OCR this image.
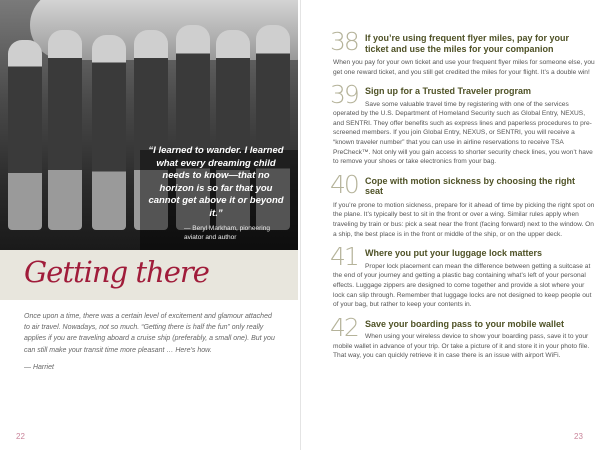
“I learned to wander. I learned what every dreaming child needs to know—that no horizon is so far that you cannot get above it or beyond it.”
— Beryl Markham, pioneering aviator and author
Getting there
Once upon a time, there was a certain level of excitement and glamour attached to air travel. Nowadays, not so much. “Getting there is half the fun” only really applies if you are traveling aboard a cruise ship (preferably, a small one). But you can still make your transit time more pleasant … Here’s how.
— Harriet
22
38 If you’re using frequent flyer miles, pay for your ticket and use the miles for your companion
When you pay for your own ticket and use your frequent flyer miles for someone else, you get one reward ticket, and you still get credited the miles for your flight. It’s a double win!
39 Sign up for a Trusted Traveler program
Save some valuable travel time by registering with one of the services operated by the U.S. Department of Homeland Security such as Global Entry, NEXUS, and SENTRI. They offer benefits such as express lines and paperless procedures to pre-screened members. If you join Global Entry, NEXUS, or SENTRI, you will receive a “known traveler number” that you can use in airline reservations to receive TSA PreCheck™. Not only will you gain access to shorter security check lines, you won’t have to remove your shoes or take electronics from your bag.
40 Cope with motion sickness by choosing the right seat
If you’re prone to motion sickness, prepare for it ahead of time by picking the right spot on the plane. It’s typically best to sit in the front or over a wing. Similar rules apply when traveling by train or bus: pick a seat near the front (facing forward) next to the window. On a ship, the best place is in the front or middle of the ship, or on the upper deck.
41 Where you put your luggage lock matters
Proper lock placement can mean the difference between getting a suitcase at the end of your journey and getting a plastic bag containing what’s left of your personal effects. Luggage zippers are designed to come together and provide a slot where your lock can slip through. Remember that luggage locks are not designed to keep people out of your bag, but rather to keep your contents in.
42 Save your boarding pass to your mobile wallet
When using your wireless device to show your boarding pass, save it to your mobile wallet in advance of your trip. Or take a picture of it and store it in your photo file. That way, you can quickly retrieve it in case there is an issue with airport WiFi.
23
